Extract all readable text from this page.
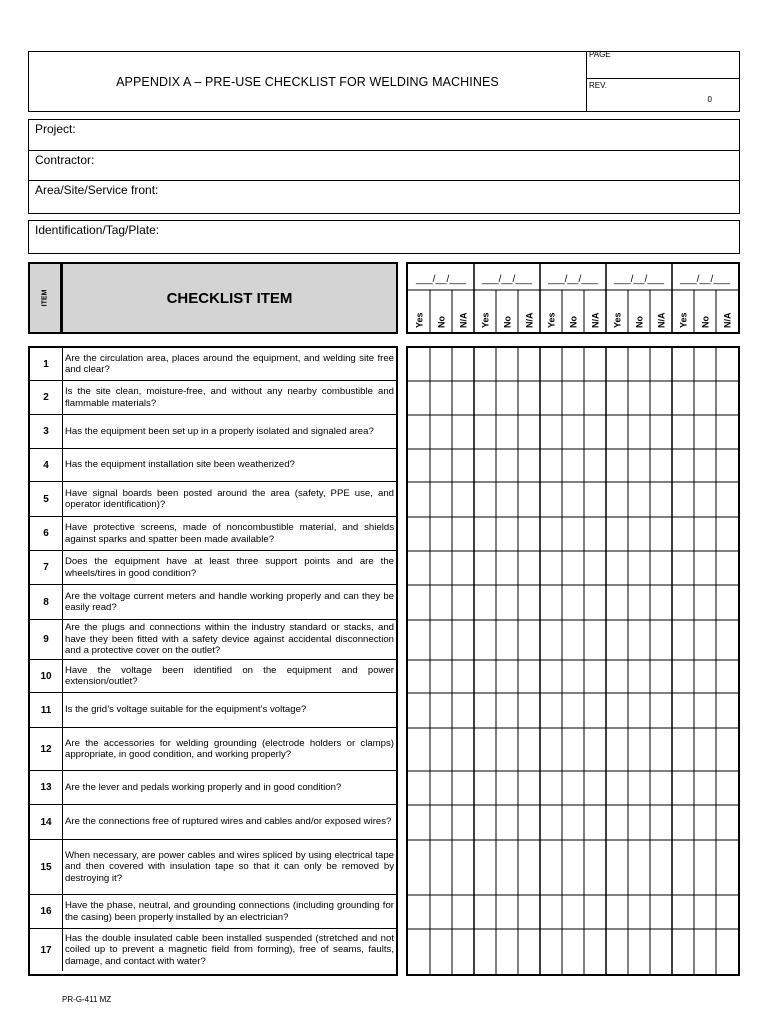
APPENDIX A – PRE-USE CHECKLIST FOR WELDING MACHINES
PAGE
REV.
0
Project:
Contractor:
Area/Site/Service front:
Identification/Tag/Plate:
ITEM	CHECKLIST ITEM
___/__/___
Yes No N/A
___/__/___
Yes No N/A
___/__/___
Yes No N/A
___/__/___
Yes No N/A
___/__/___
Yes No N/A
1
Are the circulation area, places around the equipment, and welding site free and clear?
2
Is the site clean, moisture-free, and without any nearby combustible and flammable materials?
3	Has the equipment been set up in a properly isolated and signaled area?
4	Has the equipment installation site been weatherized?
5
Have signal boards been posted around the area (safety, PPE use, and operator identification)?
6
Have protective screens, made of noncombustible material, and shields against sparks and spatter been made available?
7
Does the equipment have at least three support points and are the wheels/tires in good condition?
8
Are the voltage current meters and handle working properly and can they be easily read?
9
Are the plugs and connections within the industry standard or stacks, and have they been fitted with a safety device against accidental disconnection and a protective cover on the outlet?
10
Have the voltage been identified on the equipment and power extension/outlet?
11	Is the grid’s voltage suitable for the equipment’s voltage?
12
Are the accessories for welding grounding (electrode holders or clamps) appropriate, in good condition, and working properly?
13	Are the lever and pedals working properly and in good condition?
14	Are the connections free of ruptured wires and cables and/or exposed wires?
15
When necessary, are power cables and wires spliced by using electrical tape and then covered with insulation tape so that it can only be removed by destroying it?
16
Have the phase, neutral, and grounding connections (including grounding for the casing) been properly installed by an electrician?
17
Has the double insulated cable been installed suspended (stretched and not coiled up to prevent a magnetic field from forming), free of seams, faults, damage, and contact with water?
PR-G-411 MZ
